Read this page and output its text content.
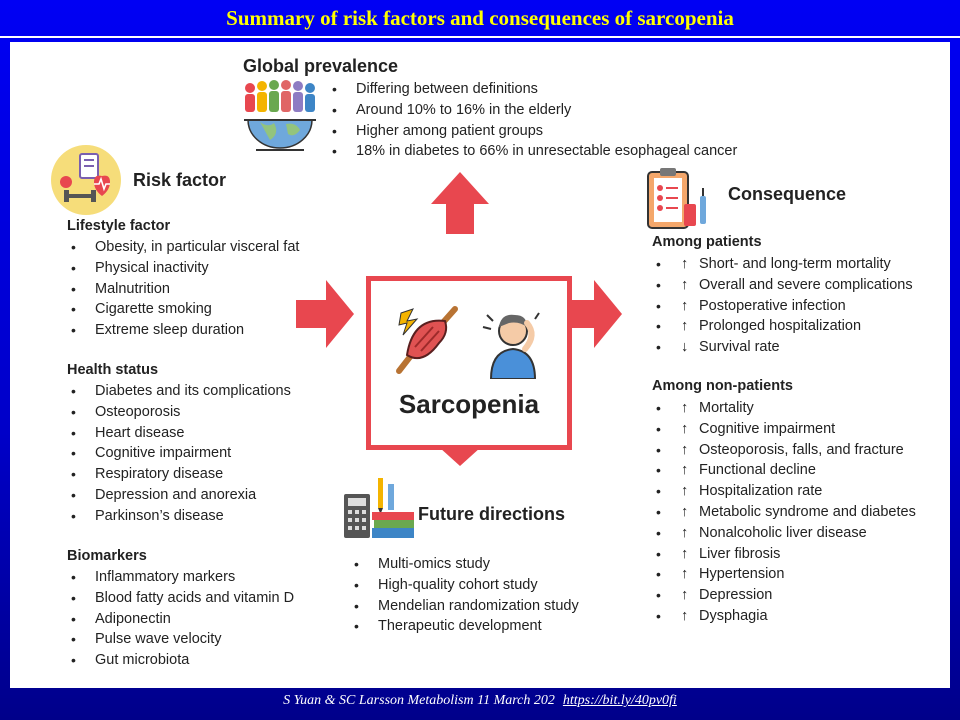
Summary of risk factors and consequences of sarcopenia
Global prevalence
• Differing between definitions
• Around 10% to 16% in the elderly
• Higher among patient groups
• 18% in diabetes to 66% in unresectable esophageal cancer
Risk factor
Lifestyle factor
• Obesity, in particular visceral fat
• Physical inactivity
• Malnutrition
• Cigarette smoking
• Extreme sleep duration
Health status
• Diabetes and its complications
• Osteoporosis
• Heart disease
• Cognitive impairment
• Respiratory disease
• Depression and anorexia
• Parkinson’s disease
Biomarkers
• Inflammatory markers
• Blood fatty acids and vitamin D
• Adiponectin
• Pulse wave velocity
• Gut microbiota
Sarcopenia
Consequence
Among patients
• ↑ Short- and long-term mortality
• ↑ Overall and severe complications
• ↑ Postoperative infection
• ↑ Prolonged hospitalization
• ↓ Survival rate
Among non-patients
• ↑ Mortality
• ↑ Cognitive impairment
• ↑ Osteoporosis, falls, and fracture
• ↑ Functional decline
• ↑ Hospitalization rate
• ↑ Metabolic syndrome and diabetes
• ↑ Nonalcoholic liver disease
• ↑ Liver fibrosis
• ↑ Hypertension
• ↑ Depression
• ↑ Dysphagia
Future directions
• Multi-omics study
• High-quality cohort study
• Mendelian randomization study
• Therapeutic development
S Yuan & SC Larsson Metabolism 11 March 202 https://bit.ly/40pv0fi
